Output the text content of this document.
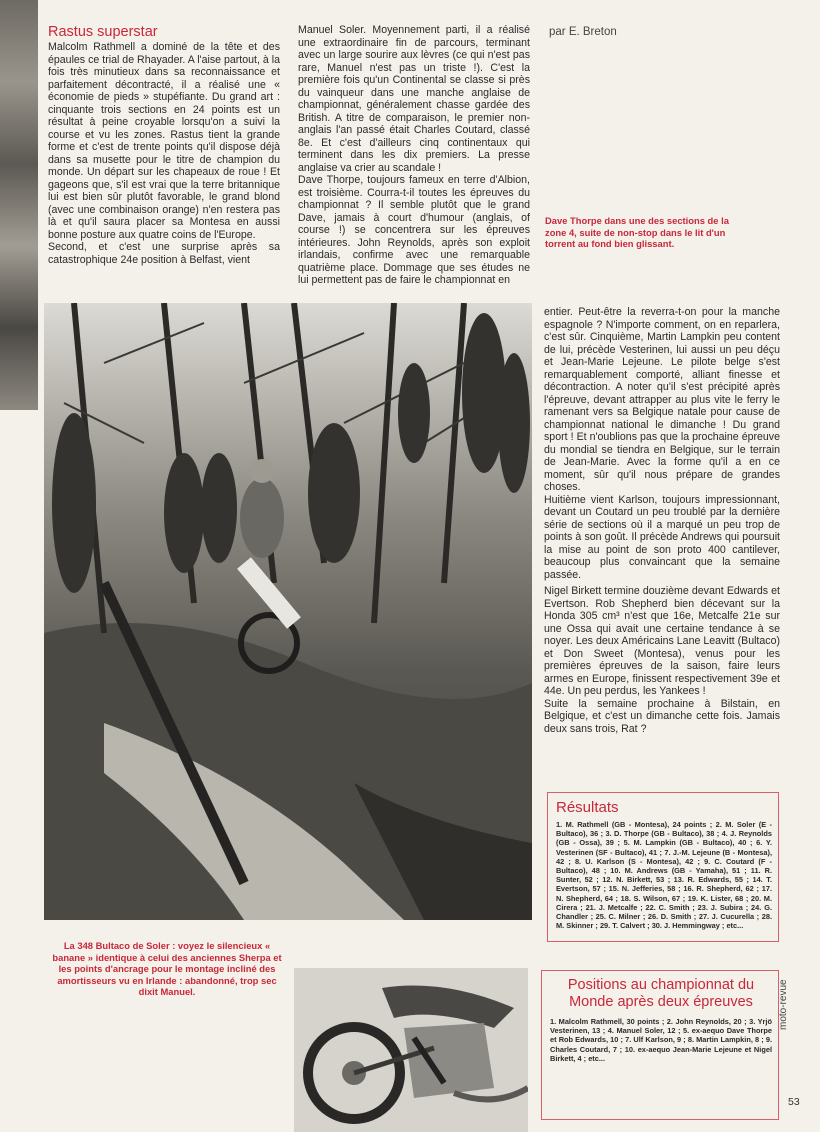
Rastus superstar

Malcolm Rathmell a dominé de la tête et des épaules ce trial de Rhayader. A l'aise partout, à la fois très minutieux dans sa reconnaissance et parfaitement décontracté, il a réalisé une « économie de pieds » stupéfiante. Du grand art : cinquante trois sections en 24 points est un résultat à peine croyable lorsqu'on a suivi la course et vu les zones. Rastus tient la grande forme et c'est de trente points qu'il dispose déjà dans sa musette pour le titre de champion du monde. Un départ sur les chapeaux de roue ! Et gageons que, s'il est vrai que la terre britannique lui est bien sûr plutôt favorable, le grand blond (avec une combinaison orange) n'en restera pas là et qu'il saura placer sa Montesa en aussi bonne posture aux quatre coins de l'Europe.

Second, et c'est une surprise après sa catastrophique 24e position à Belfast, vient

Manuel Soler. Moyennement parti, il a réalisé une extraordinaire fin de parcours, terminant avec un large sourire aux lèvres (ce qui n'est pas rare, Manuel n'est pas un triste !). C'est la première fois qu'un Continental se classe si près du vainqueur dans une manche anglaise de championnat, généralement chasse gardée des British. A titre de comparaison, le premier non-anglais l'an passé était Charles Coutard, classé 8e. Et c'est d'ailleurs cinq continentaux qui terminent dans les dix premiers. La presse anglaise va crier au scandale !

Dave Thorpe, toujours fameux en terre d'Albion, est troisième. Courra-t-il toutes les épreuves du championnat ? Il semble plutôt que le grand Dave, jamais à court d'humour (anglais, of course !) se concentrera sur les épreuves intérieures. John Reynolds, après son exploit irlandais, confirme avec une remarquable quatrième place. Dommage que ses études ne lui permettent pas de faire le championnat en

par E. Breton
Dave Thorpe dans une des sections de la zone 4, suite de non-stop dans le lit d'un torrent au fond bien glissant.

entier. Peut-être la reverra-t-on pour la manche espagnole ? N'importe comment, on en reparlera, c'est sûr. Cinquième, Martin Lampkin peu content de lui, précède Vesterinen, lui aussi un peu déçu et Jean-Marie Lejeune. Le pilote belge s'est remarquablement comporté, alliant finesse et décontraction. A noter qu'il s'est précipité après l'épreuve, devant attrapper au plus vite le ferry le ramenant vers sa Belgique natale pour cause de championnat national le dimanche ! Du grand sport ! Et n'oublions pas que la prochaine épreuve du mondial se tiendra en Belgique, sur le terrain de Jean-Marie. Avec la forme qu'il a en ce moment, sûr qu'il nous prépare de grandes choses.

Huitième vient Karlson, toujours impressionnant, devant un Coutard un peu troublé par la dernière série de sections où il a marqué un peu trop de points à son goût. Il précède Andrews qui poursuit la mise au point de son proto 400 cantilever, beaucoup plus convaincant que la semaine passée.

Nigel Birkett termine douzième devant Edwards et Evertson. Rob Shepherd bien décevant sur la Honda 305 cm³ n'est que 16e, Metcalfe 21e sur une Ossa qui avait une certaine tendance à se noyer. Les deux Américains Lane Leavitt (Bultaco) et Don Sweet (Montesa), venus pour les premières épreuves de la saison, faire leurs armes en Europe, finissent respectivement 39e et 44e. Un peu perdus, les Yankees !

Suite la semaine prochaine à Bilstain, en Belgique, et c'est un dimanche cette fois. Jamais deux sans trois, Rat ?

Résultats
1. M. Rathmell (GB - Montesa), 24 points ; 2. M. Soler (E - Bultaco), 36 ; 3. D. Thorpe (GB - Bultaco), 38 ; 4. J. Reynolds (GB - Ossa), 39 ; 5. M. Lampkin (GB - Bultaco), 40 ; 6. Y. Vesterinen (SF - Bultaco), 41 ; 7. J.-M. Lejeune (B - Montesa), 42 ; 8. U. Karlson (S - Montesa), 42 ; 9. C. Coutard (F - Bultaco), 48 ; 10. M. Andrews (GB - Yamaha), 51 ; 11. R. Sunter, 52 ; 12. N. Birkett, 53 ; 13. R. Edwards, 55 ; 14. T. Evertson, 57 ; 15. N. Jefferies, 58 ; 16. R. Shepherd, 62 ; 17. N. Shepherd, 64 ; 18. S. Wilson, 67 ; 19. K. Lister, 68 ; 20. M. Cirera ; 21. J. Metcalfe ; 22. C. Smith ; 23. J. Subira ; 24. G. Chandler ; 25. C. Milner ; 26. D. Smith ; 27. J. Cucurella ; 28. M. Skinner ; 29. T. Calvert ; 30. J. Hemmingway ; etc...
La 348 Bultaco de Soler : voyez le silencieux « banane » identique à celui des anciennes Sherpa et les points d'ancrage pour le montage incliné des amortisseurs vu en Irlande : abandonné, trop sec dixit Manuel.	Positions au championnat du Monde après deux épreuves
1. Malcolm Rathmell, 30 points ; 2. John Reynolds, 20 ; 3. Yrjö Vesterinen, 13 ; 4. Manuel Soler, 12 ; 5. ex-aequo Dave Thorpe et Rob Edwards, 10 ; 7. Ulf Karlson, 9 ; 8. Martin Lampkin, 8 ; 9. Charles Coutard, 7 ; 10. ex-aequo Jean-Marie Lejeune et Nigel Birkett, 4 ; etc...
moto-revue
53
